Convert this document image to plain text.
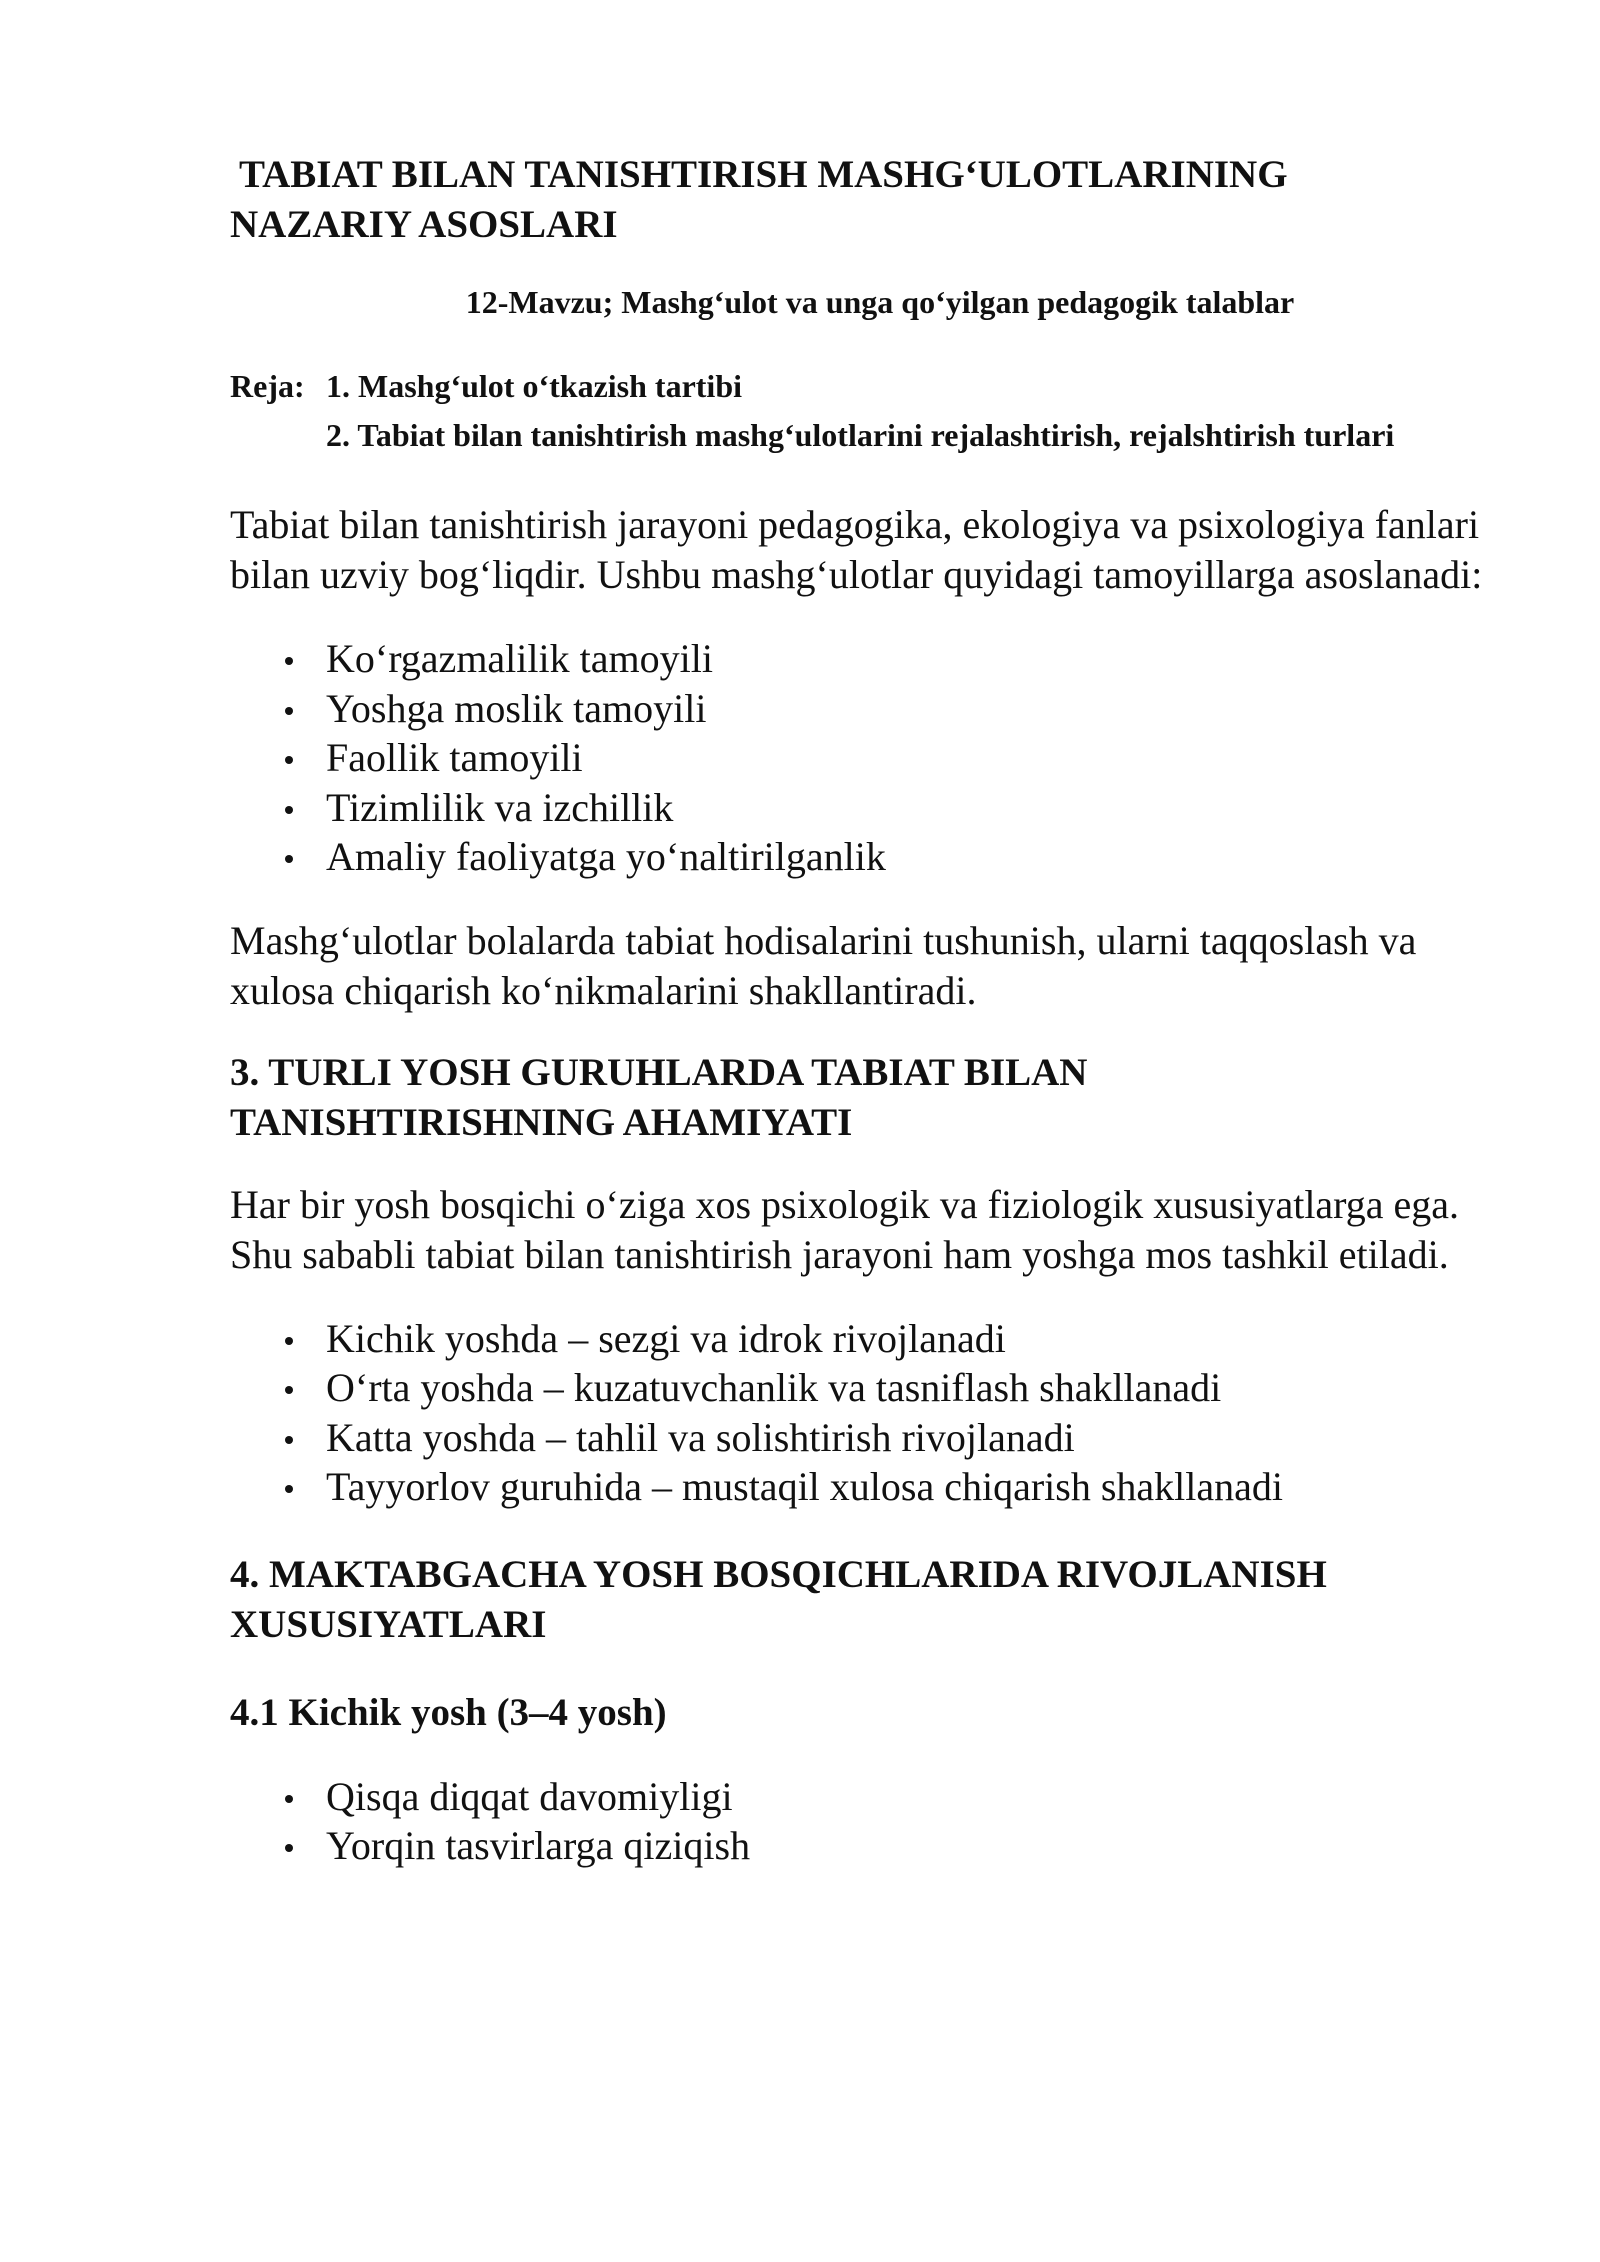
TABIAT BILAN TANISHTIRISH MASHG‘ULOTLARINING
NAZARIY ASOSLARI
12-Mavzu; Mashg‘ulot va unga qo‘yilgan pedagogik talablar
Reja: 1. Mashg‘ulot o‘tkazish tartibi
2. Tabiat bilan tanishtirish mashg‘ulotlarini rejalashtirish, rejalshtirish turlari

Tabiat bilan tanishtirish jarayoni pedagogika, ekologiya va psixologiya fanlari bilan uzviy bog‘liqdir. Ushbu mashg‘ulotlar quyidagi tamoyillarga asoslanadi:

Ko‘rgazmalilik tamoyili
Yoshga moslik tamoyili
Faollik tamoyili
Tizimlilik va izchillik
Amaliy faoliyatga yo‘naltirilganlik

Mashg‘ulotlar bolalarda tabiat hodisalarini tushunish, ularni taqqoslash va xulosa chiqarish ko‘nikmalarini shakllantiradi.

3. TURLI YOSH GURUHLARDA TABIAT BILAN
TANISHTIRISHNING AHAMIYATI

Har bir yosh bosqichi o‘ziga xos psixologik va fiziologik xususiyatlarga ega. Shu sababli tabiat bilan tanishtirish jarayoni ham yoshga mos tashkil etiladi.

Kichik yoshda – sezgi va idrok rivojlanadi
O‘rta yoshda – kuzatuvchanlik va tasniflash shakllanadi
Katta yoshda – tahlil va solishtirish rivojlanadi
Tayyorlov guruhida – mustaqil xulosa chiqarish shakllanadi
4. MAKTABGACHA YOSH BOSQICHLARIDA RIVOJLANISH
XUSUSIYATLARI
4.1 Kichik yosh (3–4 yosh)
Qisqa diqqat davomiyligi
Yorqin tasvirlarga qiziqish
